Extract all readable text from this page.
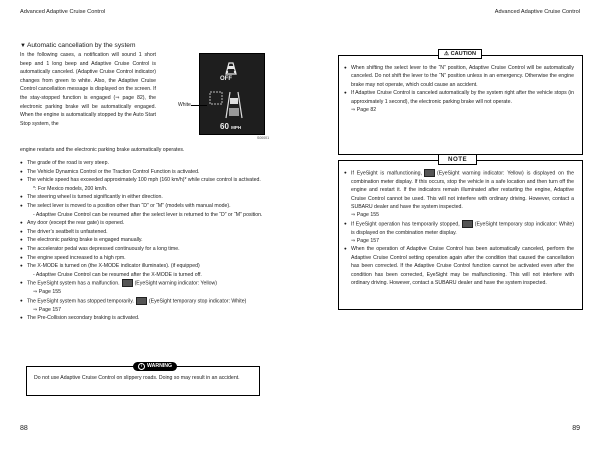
Advanced Adaptive Cruise Control	Advanced Adaptive Cruise Control
▼Automatic cancellation by the system
In the following cases, a notification will sound 1 short beep and 1 long beep and Adaptive Cruise Control is automatically canceled. (Adaptive Cruise Control indicator) changes from green to white. Also, the Adaptive Cruise Control cancellation message is displayed on the screen. If the stay-stopped function is engaged (⇒ page 82), the electronic parking brake will be automatically engaged. When the engine is automatically stopped by the Auto Start Stop system, the
OFF
60 MPH
White
S00001
engine restarts and the electronic parking brake automatically operates.
● The grade of the road is very steep.
● The Vehicle Dynamics Control or the Traction Control Function is activated.
● The vehicle speed has exceeded approximately 100 mph (160 km/h)* while cruise control is activated.
*: For Mexico models, 200 km/h.
● The steering wheel is turned significantly in either direction.
● The select lever is moved to a position other than “D” or “M” (models with manual mode).
- Adaptive Cruise Control can be resumed after the select lever is returned to the “D” or “M” position.
● Any door (except the rear gate) is opened.
● The driver’s seatbelt is unfastened.
● The electronic parking brake is engaged manually.
● The accelerator pedal was depressed continuously for a long time.
● The engine speed increased to a high rpm.
● The X-MODE is turned on (the X-MODE indicator illuminates). (if equipped)
- Adaptive Cruise Control can be resumed after the X-MODE is turned off.
● The EyeSight system has a malfunction.	(EyeSight warning indicator: Yellow)
⇒ Page 155
● The EyeSight system has stopped temporarily.	(EyeSight temporary stop indicator: White)
⇒ Page 157
● The Pre-Collision secondary braking is activated.
! WARNING
Do not use Adaptive Cruise Control on slippery roads. Doing so may result in an accident.
⚠ CAUTION
● When shifting the select lever to the “N” position, Adaptive Cruise Control will be automatically canceled. Do not shift the lever to the “N” position unless in an emergency. Otherwise the engine brake may not operate, which could cause an accident.
● If Adaptive Cruise Control is canceled automatically by the system right after the vehicle stops (in approximately 1 second), the electronic parking brake will not operate.
⇒ Page 82
NOTE
● If EyeSight is malfunctioning,	(EyeSight warning indicator: Yellow) is displayed on the combination meter display. If this occurs, stop the vehicle in a safe location and then turn off the engine and restart it. If the indicators remain illuminated after restarting the engine, Adaptive Cruise Control cannot be used. This will not interfere with ordinary driving. However, contact a SUBARU dealer and have the system inspected.
⇒ Page 155
● If EyeSight operation has temporarily stopped,	(EyeSight temporary stop indicator: White) is displayed on the combination meter display.
⇒ Page 157
● When the operation of Adaptive Cruise Control has been automatically canceled, perform the Adaptive Cruise Control setting operation again after the condition that caused the cancellation has been corrected. If the Adaptive Cruise Control function cannot be activated even after the condition has been corrected, EyeSight may be malfunctioning. This will not interfere with ordinary driving. However, contact a SUBARU dealer and have the system inspected.
88	89
